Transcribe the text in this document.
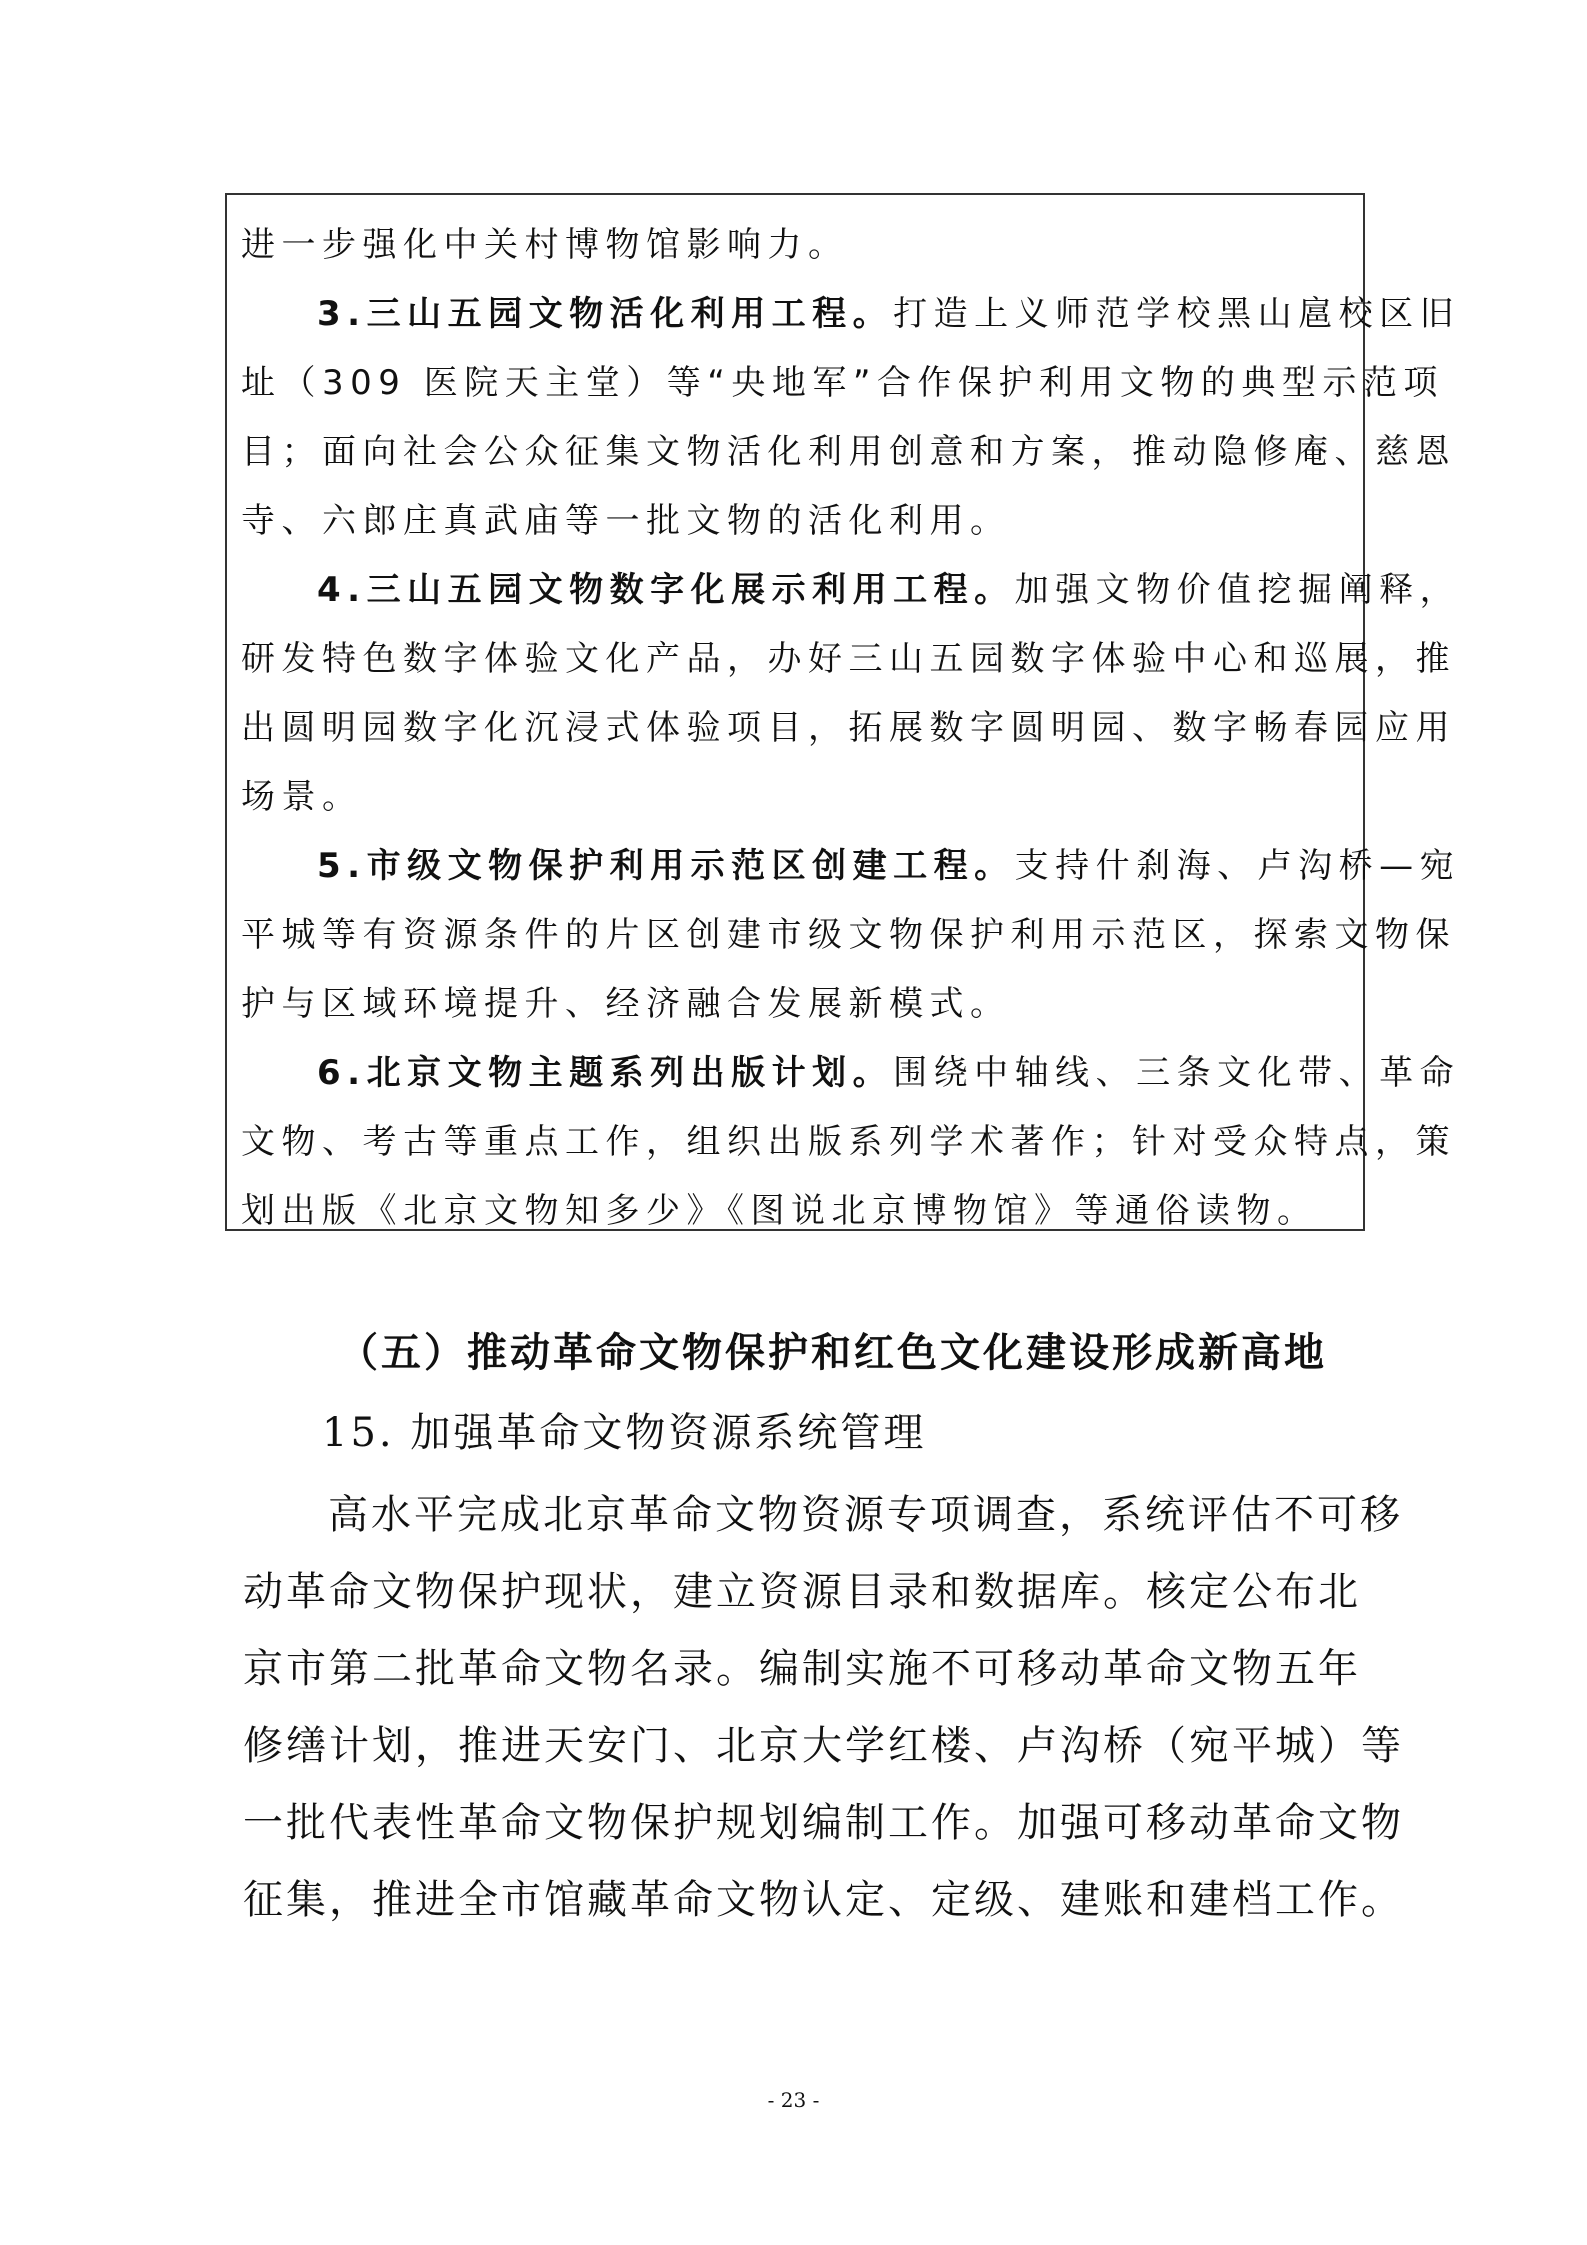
进一步强化中关村博物馆影响力。
3.三山五园文物活化利用工程。打造上义师范学校黑山扈校区旧
址（309 医院天主堂）等“央地军”合作保护利用文物的典型示范项
目；面向社会公众征集文物活化利用创意和方案，推动隐修庵、慈恩
寺、六郎庄真武庙等一批文物的活化利用。
4.三山五园文物数字化展示利用工程。加强文物价值挖掘阐释，
研发特色数字体验文化产品，办好三山五园数字体验中心和巡展，推
出圆明园数字化沉浸式体验项目，拓展数字圆明园、数字畅春园应用
场景。
5.市级文物保护利用示范区创建工程。支持什刹海、卢沟桥—宛
平城等有资源条件的片区创建市级文物保护利用示范区，探索文物保
护与区域环境提升、经济融合发展新模式。
6.北京文物主题系列出版计划。围绕中轴线、三条文化带、革命
文物、考古等重点工作，组织出版系列学术著作；针对受众特点，策
划出版《北京文物知多少》《图说北京博物馆》等通俗读物。
（五）推动革命文物保护和红色文化建设形成新高地
15. 加强革命文物资源系统管理
高水平完成北京革命文物资源专项调查，系统评估不可移
动革命文物保护现状，建立资源目录和数据库。核定公布北
京市第二批革命文物名录。编制实施不可移动革命文物五年
修缮计划，推进天安门、北京大学红楼、卢沟桥（宛平城）等
一批代表性革命文物保护规划编制工作。加强可移动革命文物
征集，推进全市馆藏革命文物认定、定级、建账和建档工作。
- 23 -
